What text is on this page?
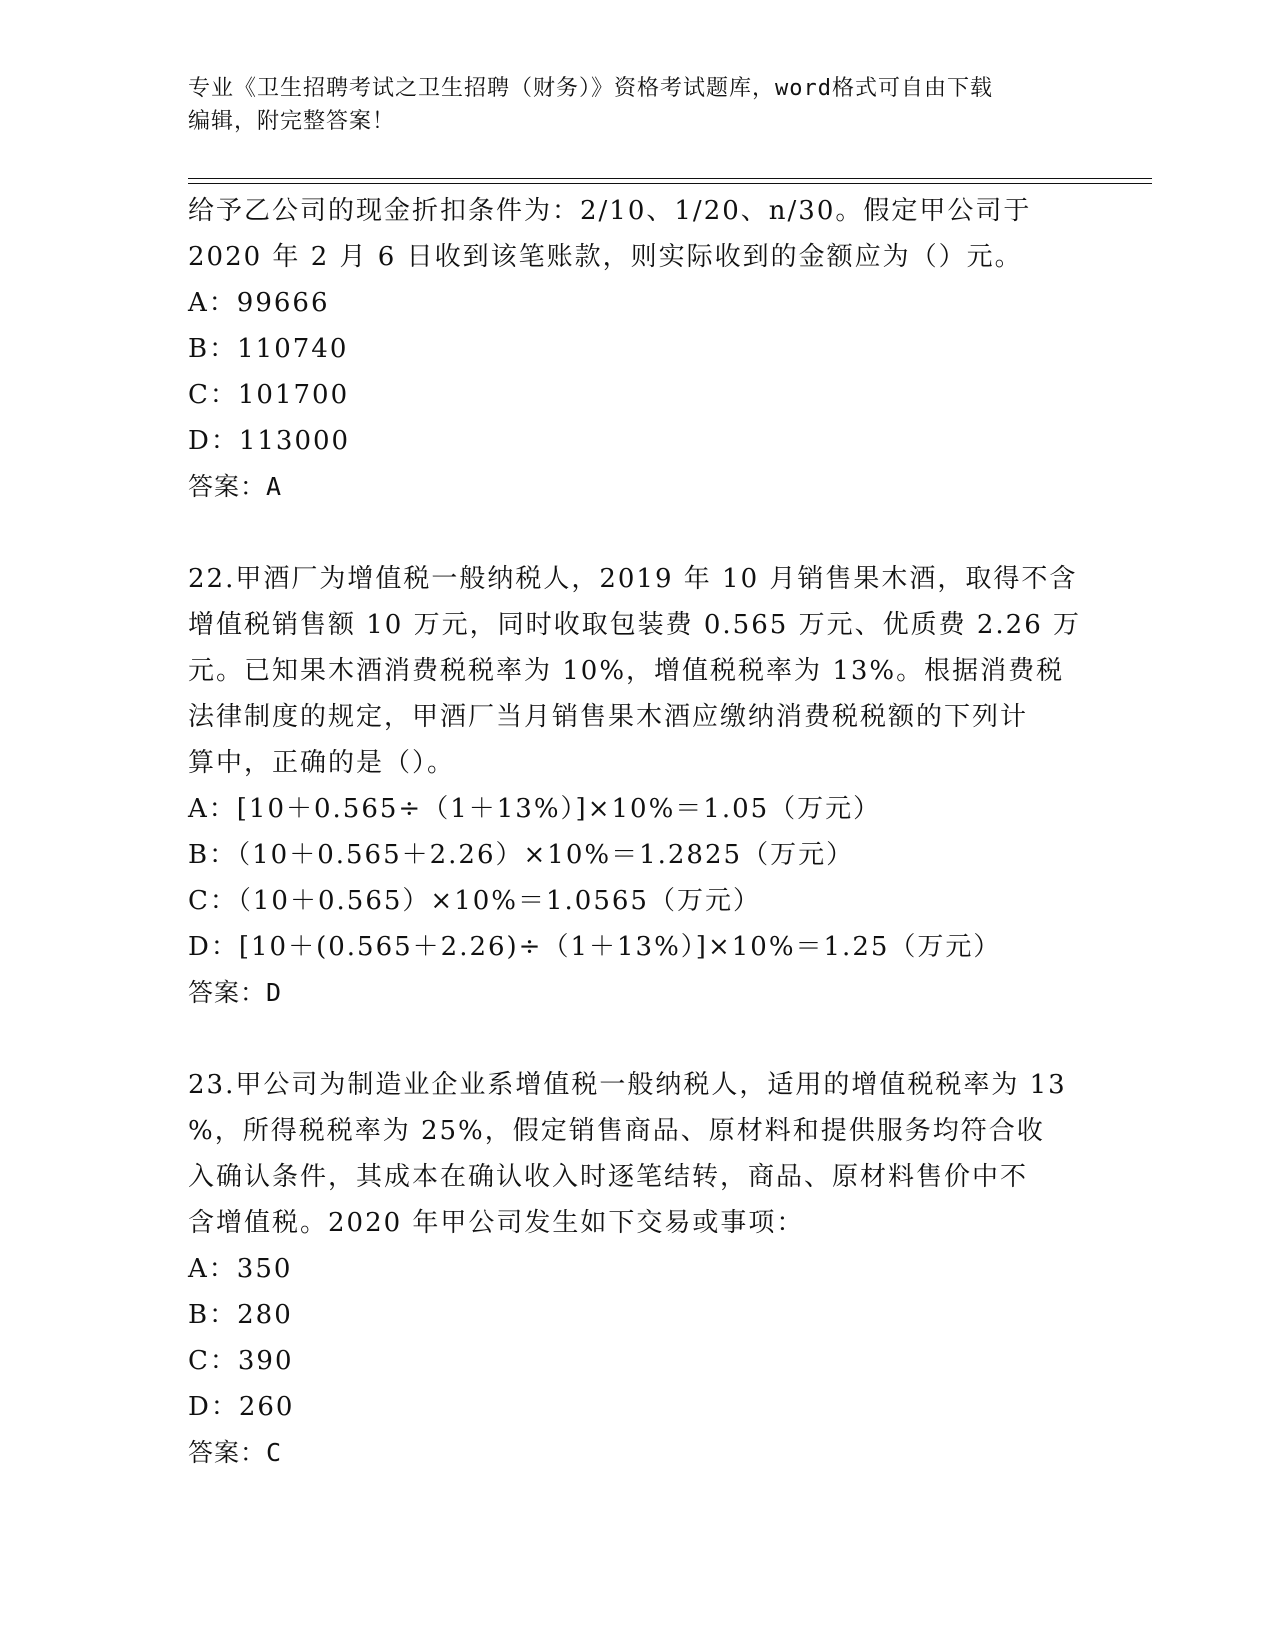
专业《卫生招聘考试之卫生招聘（财务）》资格考试题库，word格式可自由下载
编辑，附完整答案！
给予乙公司的现金折扣条件为：2/10、1/20、n/30。假定甲公司于
2020 年 2 月 6 日收到该笔账款，则实际收到的金额应为（）元。
A：99666
B：110740
C：101700
D：113000
答案：A
22.甲酒厂为增值税一般纳税人，2019 年 10 月销售果木酒，取得不含
增值税销售额 10 万元，同时收取包装费 0.565 万元、优质费 2.26 万
元。已知果木酒消费税税率为 10%，增值税税率为 13%。根据消费税
法律制度的规定，甲酒厂当月销售果木酒应缴纳消费税税额的下列计
算中，正确的是（）。
A：[10＋0.565÷（1＋13%）]×10%＝1.05（万元）
B：（10＋0.565＋2.26）×10%＝1.2825（万元）
C：（10＋0.565）×10%＝1.0565（万元）
D：[10＋(0.565＋2.26)÷（1＋13%）]×10%＝1.25（万元）
答案：D
23.甲公司为制造业企业系增值税一般纳税人，适用的增值税税率为 13
%，所得税税率为 25%，假定销售商品、原材料和提供服务均符合收
入确认条件，其成本在确认收入时逐笔结转，商品、原材料售价中不
含增值税。2020 年甲公司发生如下交易或事项：
A：350
B：280
C：390
D：260
答案：C
